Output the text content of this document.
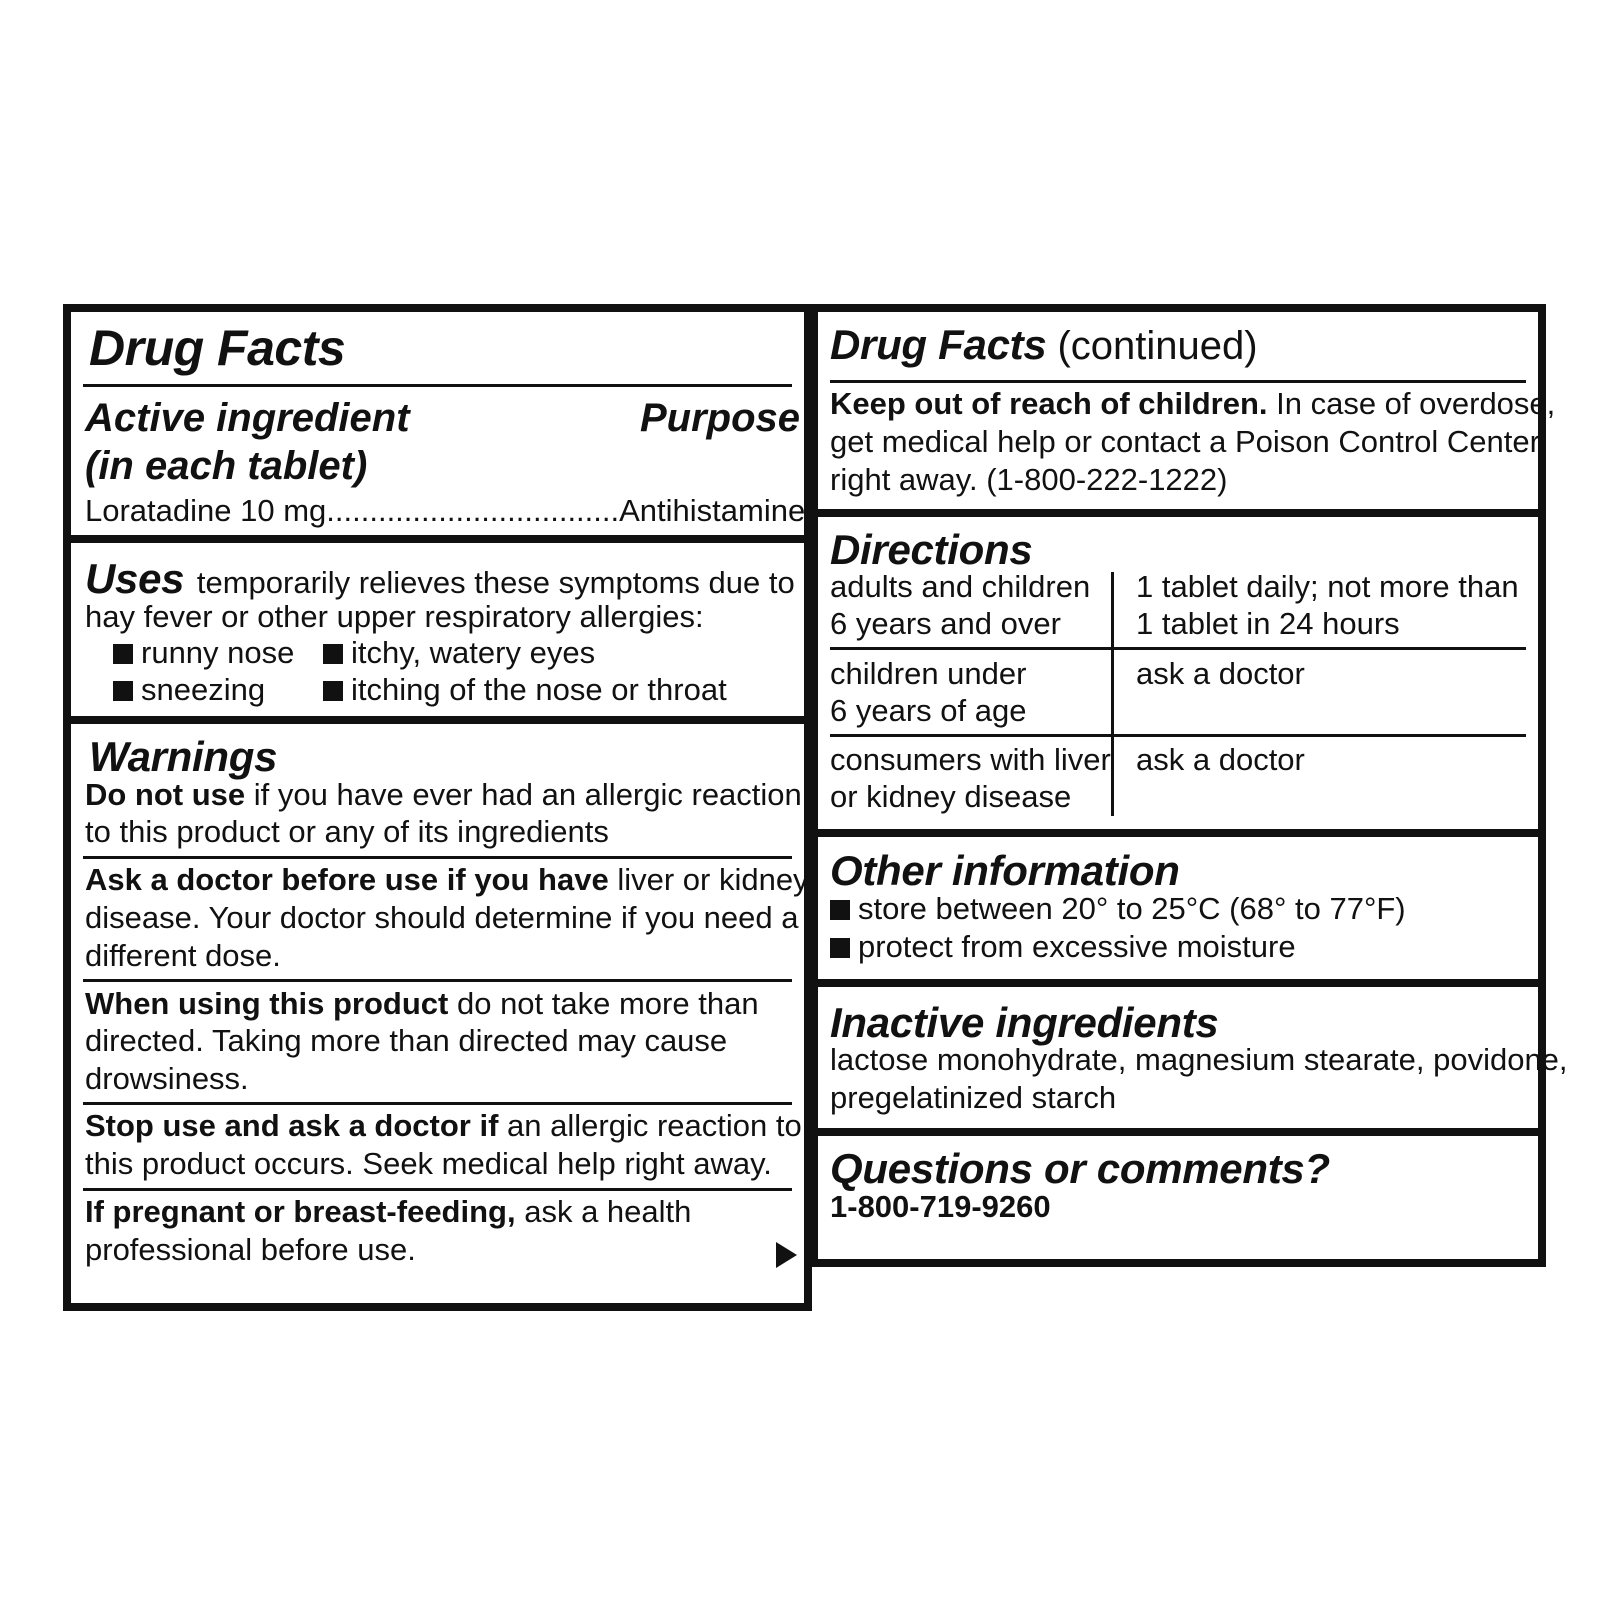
Drug Facts
Active ingredient
(in each tablet)
Purpose
Loratadine 10 mg..................................Antihistamine
Uses temporarily relieves these symptoms due to
hay fever or other upper respiratory allergies:
runny nose	itchy, watery eyes
sneezing	itching of the nose or throat
Warnings
Do not use if you have ever had an allergic reaction
to this product or any of its ingredients
Ask a doctor before use if you have liver or kidney
disease. Your doctor should determine if you need a
different dose.
When using this product do not take more than
directed. Taking more than directed may cause
drowsiness.
Stop use and ask a doctor if an allergic reaction to
this product occurs. Seek medical help right away.
If pregnant or breast-feeding, ask a health
professional before use.
Drug Facts (continued)
Keep out of reach of children. In case of overdose,
get medical help or contact a Poison Control Center
right away. (1-800-222-1222)
Directions
adults and children
6 years and over
1 tablet daily; not more than
1 tablet in 24 hours
children under
6 years of age
ask a doctor
consumers with liver
or kidney disease
ask a doctor
Other information
store between 20° to 25°C (68° to 77°F)
protect from excessive moisture
Inactive ingredients
lactose monohydrate, magnesium stearate, povidone,
pregelatinized starch
Questions or comments?
1-800-719-9260
